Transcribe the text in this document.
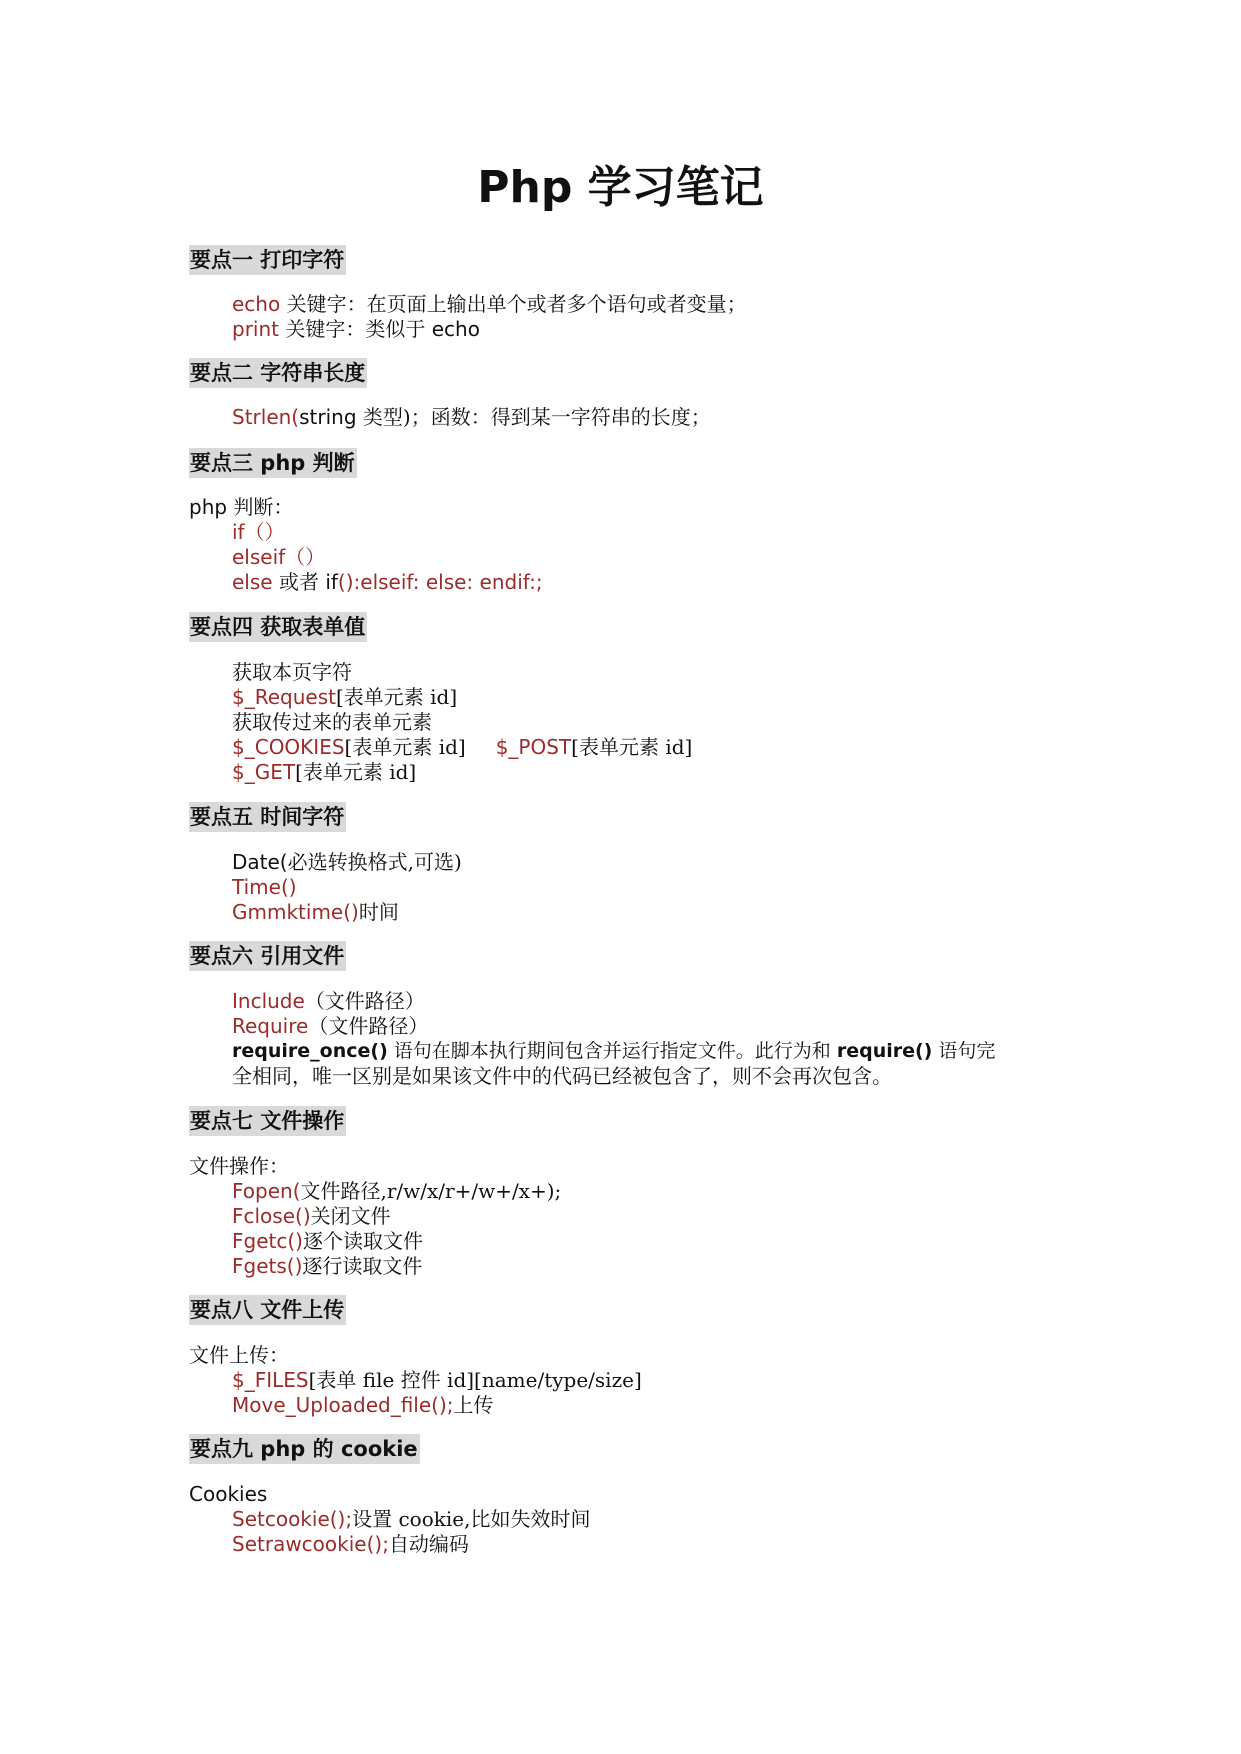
Php 学习笔记
要点一 打印字符
echo 关键字：在页面上输出单个或者多个语句或者变量；
print 关键字：类似于 echo
要点二 字符串长度
Strlen(string 类型)；函数：得到某一字符串的长度；
要点三 php 判断
php 判断：
if（）
elseif（）
else 或者 if():elseif: else: endif:;
要点四 获取表单值
获取本页字符
$_Request[表单元素 id]
获取传过来的表单元素
$_COOKIES[表单元素 id] $_POST[表单元素 id]
$_GET[表单元素 id]
要点五 时间字符
Date(必选转换格式,可选)
Time()
Gmmktime()时间
要点六 引用文件
Include（文件路径）
Require（文件路径）
require_once() 语句在脚本执行期间包含并运行指定文件。此行为和 require() 语句完
全相同，唯一区别是如果该文件中的代码已经被包含了，则不会再次包含。
要点七 文件操作
文件操作：
Fopen(文件路径,r/w/x/r+/w+/x+);
Fclose()关闭文件
Fgetc()逐个读取文件
Fgets()逐行读取文件
要点八 文件上传
文件上传：
$_FILES[表单 file 控件 id][name/type/size]
Move_Uploaded_file();上传
要点九 php 的 cookie
Cookies
Setcookie();设置 cookie,比如失效时间
Setrawcookie();自动编码
